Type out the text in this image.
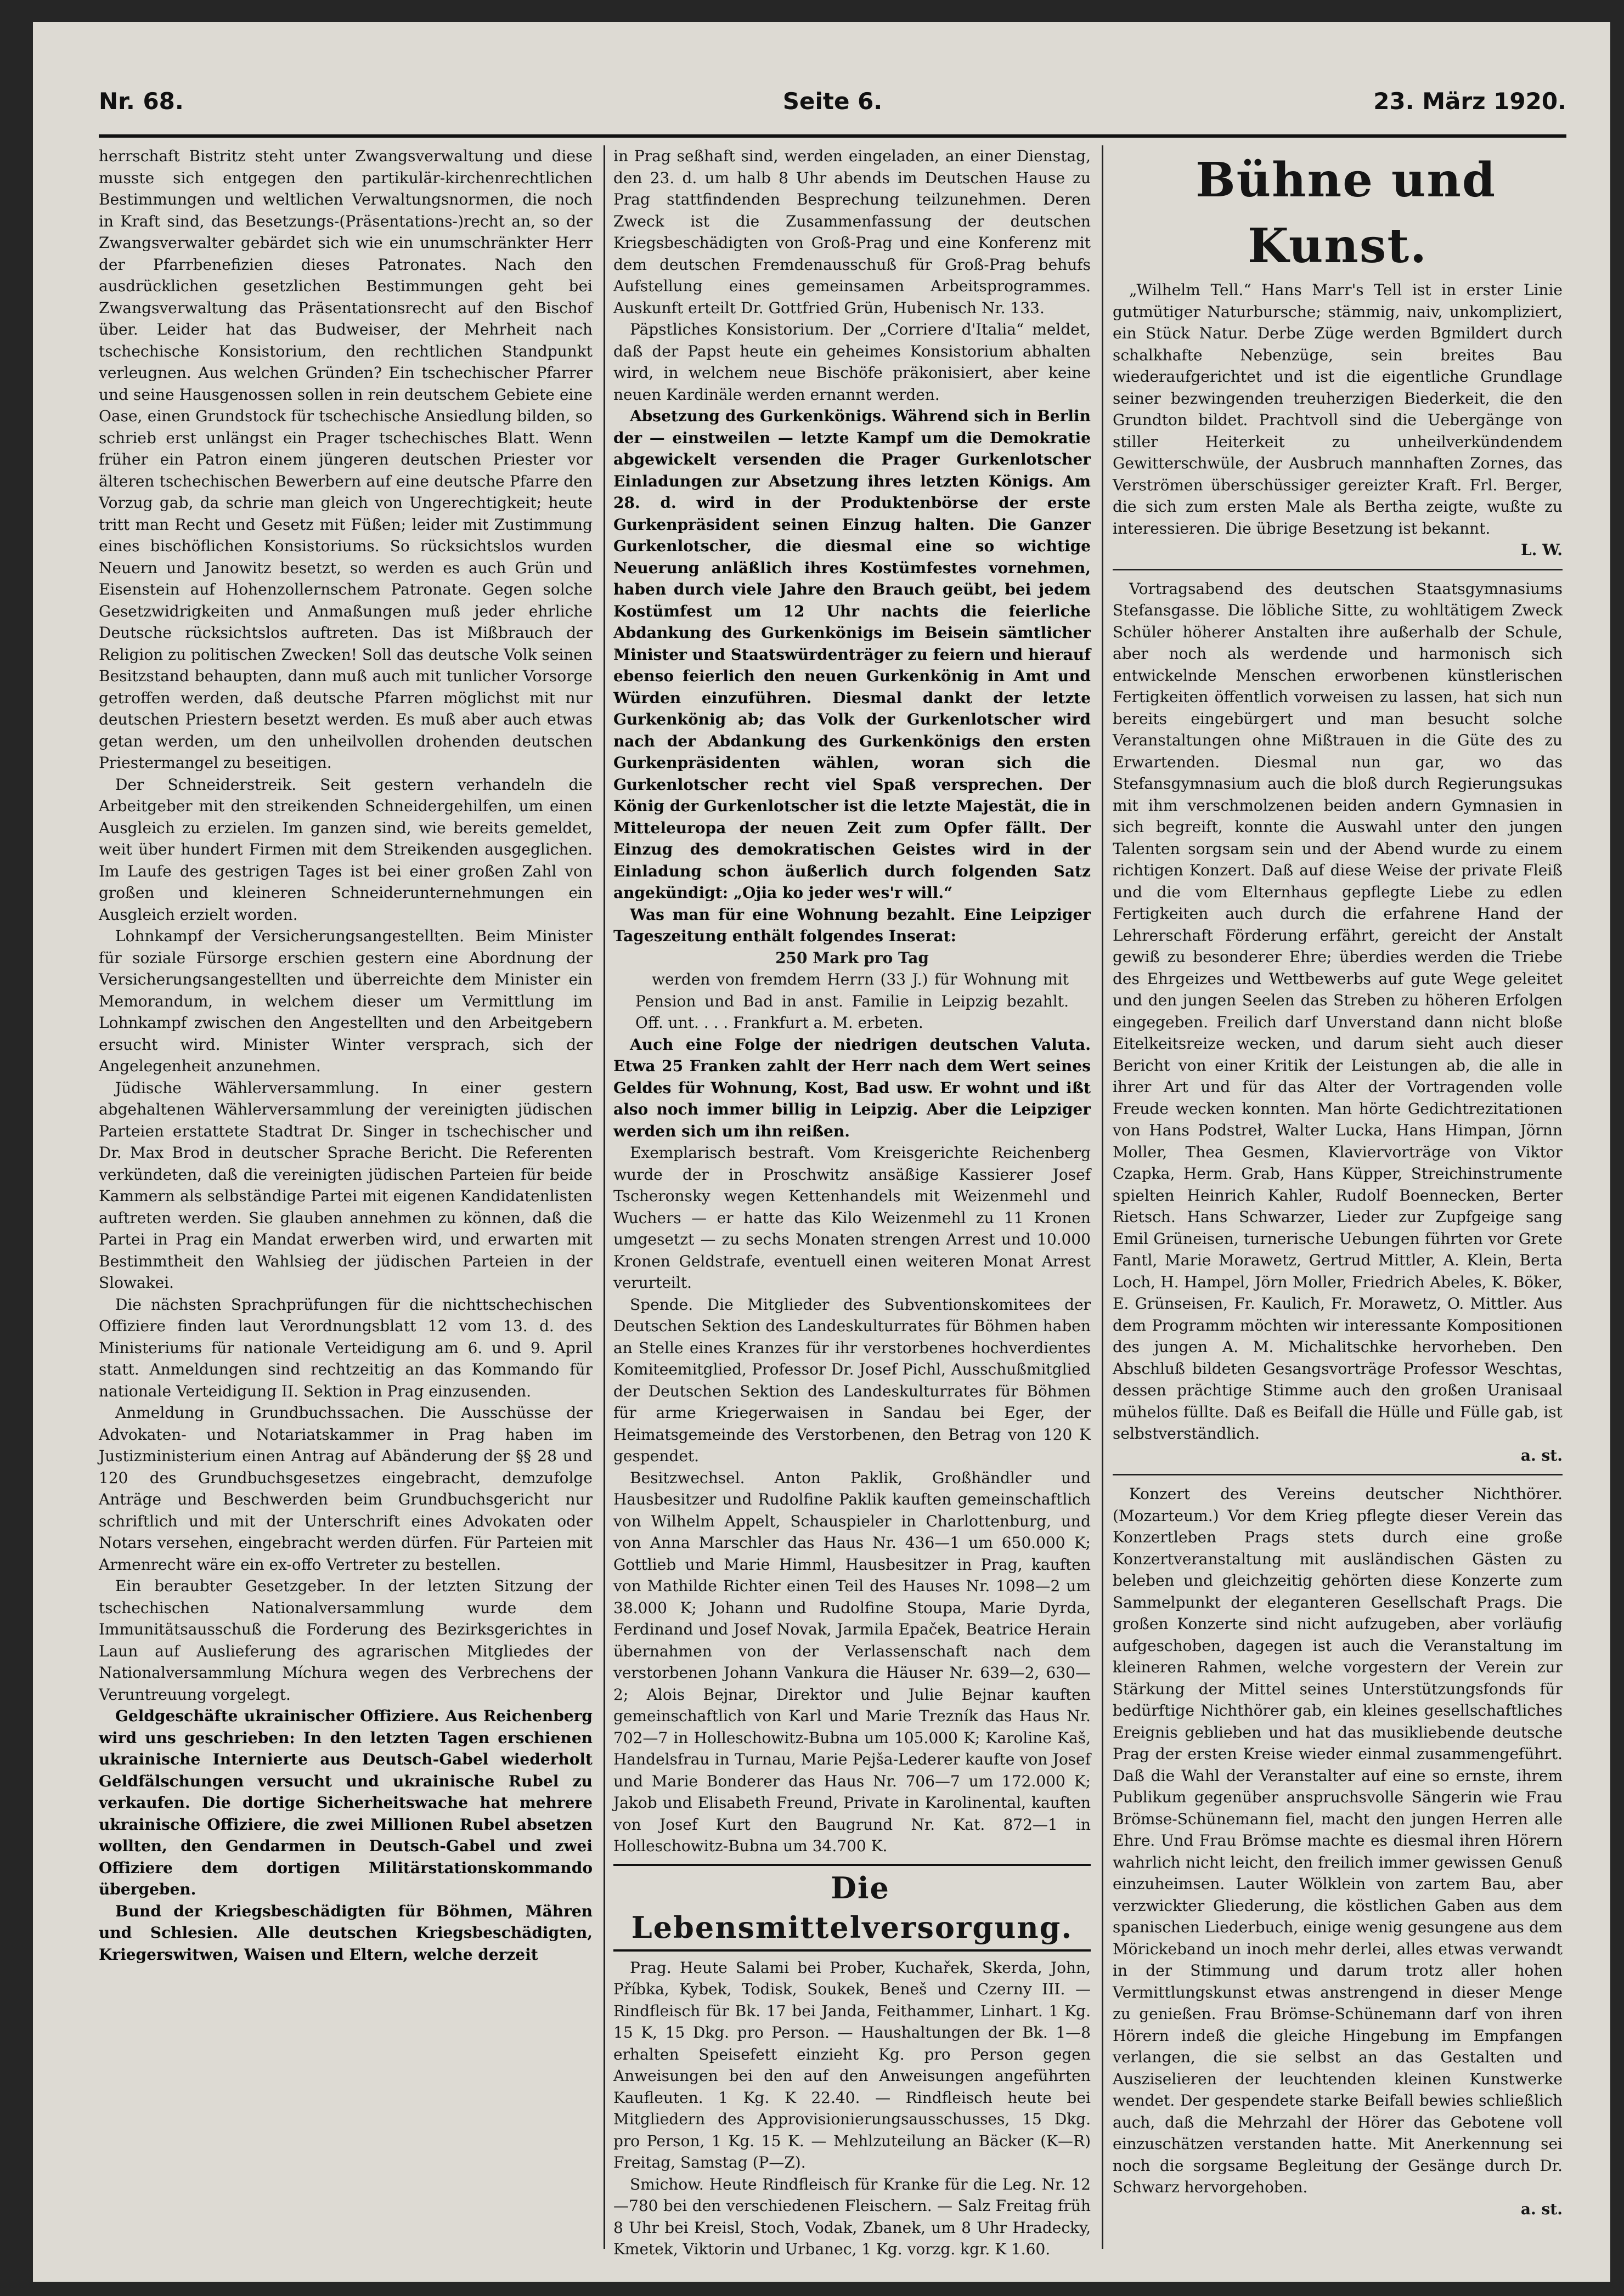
Nr. 68.	Seite 6.	23. März 1920.

herrschaft Bistritz steht unter Zwangsverwaltung und diese musste sich entgegen den partikulär-kirchenrechtlichen Bestimmungen und weltlichen Verwaltungsnormen, die noch in Kraft sind, das Besetzungs-(Präsentations-)recht an, so der Zwangsverwalter gebärdet sich wie ein unumschränkter Herr der Pfarrbenefizien dieses Patronates. Nach den ausdrücklichen gesetzlichen Bestimmungen geht bei Zwangsverwaltung das Präsentationsrecht auf den Bischof über. Leider hat das Budweiser, der Mehrheit nach tschechische Konsistorium, den rechtlichen Standpunkt verleugnen. Aus welchen Gründen? Ein tschechischer Pfarrer und seine Hausgenossen sollen in rein deutschem Gebiete eine Oase, einen Grundstock für tschechische Ansiedlung bilden, so schrieb erst unlängst ein Prager tschechisches Blatt. Wenn früher ein Patron einem jüngeren deutschen Priester vor älteren tschechischen Bewerbern auf eine deutsche Pfarre den Vorzug gab, da schrie man gleich von Ungerechtigkeit; heute tritt man Recht und Gesetz mit Füßen; leider mit Zustimmung eines bischöflichen Konsistoriums. So rücksichtslos wurden Neuern und Janowitz besetzt, so werden es auch Grün und Eisenstein auf Hohenzollernschem Patronate. Gegen solche Gesetzwidrigkeiten und Anmaßungen muß jeder ehrliche Deutsche rücksichtslos auftreten. Das ist Mißbrauch der Religion zu politischen Zwecken! Soll das deutsche Volk seinen Besitzstand behaupten, dann muß auch mit tunlicher Vorsorge getroffen werden, daß deutsche Pfarren möglichst mit nur deutschen Priestern besetzt werden. Es muß aber auch etwas getan werden, um den unheilvollen drohenden deutschen Priestermangel zu beseitigen.

Der Schneiderstreik. Seit gestern verhandeln die Arbeitgeber mit den streikenden Schneidergehilfen, um einen Ausgleich zu erzielen. Im ganzen sind, wie bereits gemeldet, weit über hundert Firmen mit dem Streikenden ausgeglichen. Im Laufe des gestrigen Tages ist bei einer großen Zahl von großen und kleineren Schneiderunternehmungen ein Ausgleich erzielt worden.

Lohnkampf der Versicherungsangestellten. Beim Minister für soziale Fürsorge erschien gestern eine Abordnung der Versicherungsangestellten und überreichte dem Minister ein Memorandum, in welchem dieser um Vermittlung im Lohnkampf zwischen den Angestellten und den Arbeitgebern ersucht wird. Minister Winter versprach, sich der Angelegenheit anzunehmen.

Jüdische Wählerversammlung. In einer gestern abgehaltenen Wählerversammlung der vereinigten jüdischen Parteien erstattete Stadtrat Dr. Singer in tschechischer und Dr. Max Brod in deutscher Sprache Bericht. Die Referenten verkündeten, daß die vereinigten jüdischen Parteien für beide Kammern als selbständige Partei mit eigenen Kandidatenlisten auftreten werden. Sie glauben annehmen zu können, daß die Partei in Prag ein Mandat erwerben wird, und erwarten mit Bestimmtheit den Wahlsieg der jüdischen Parteien in der Slowakei.

Die nächsten Sprachprüfungen für die nichttschechischen Offiziere finden laut Verordnungsblatt 12 vom 13. d. des Ministeriums für nationale Verteidigung am 6. und 9. April statt. Anmeldungen sind rechtzeitig an das Kommando für nationale Verteidigung II. Sektion in Prag einzusenden.

Anmeldung in Grundbuchssachen. Die Ausschüsse der Advokaten- und Notariatskammer in Prag haben im Justizministerium einen Antrag auf Abänderung der §§ 28 und 120 des Grundbuchsgesetzes eingebracht, demzufolge Anträge und Beschwerden beim Grundbuchsgericht nur schriftlich und mit der Unterschrift eines Advokaten oder Notars versehen, eingebracht werden dürfen. Für Parteien mit Armenrecht wäre ein ex-offo Vertreter zu bestellen.

Ein beraubter Gesetzgeber. In der letzten Sitzung der tschechischen Nationalversammlung wurde dem Immunitätsausschuß die Forderung des Bezirksgerichtes in Laun auf Auslieferung des agrarischen Mitgliedes der Nationalversammlung Míchura wegen des Verbrechens der Veruntreuung vorgelegt.

Geldgeschäfte ukrainischer Offiziere. Aus Reichenberg wird uns geschrieben: In den letzten Tagen erschienen ukrainische Internierte aus Deutsch-Gabel wiederholt Geldfälschungen versucht und ukrainische Rubel zu verkaufen. Die dortige Sicherheitswache hat mehrere ukrainische Offiziere, die zwei Millionen Rubel absetzen wollten, den Gendarmen in Deutsch-Gabel und zwei Offiziere dem dortigen Militärstationskommando übergeben.

Bund der Kriegsbeschädigten für Böhmen, Mähren und Schlesien. Alle deutschen Kriegsbeschädigten, Kriegerswitwen, Waisen und Eltern, welche derzeit

in Prag seßhaft sind, werden eingeladen, an einer Dienstag, den 23. d. um halb 8 Uhr abends im Deutschen Hause zu Prag stattfindenden Besprechung teilzunehmen. Deren Zweck ist die Zusammenfassung der deutschen Kriegsbeschädigten von Groß-Prag und eine Konferenz mit dem deutschen Fremdenausschuß für Groß-Prag behufs Aufstellung eines gemeinsamen Arbeitsprogrammes. Auskunft erteilt Dr. Gottfried Grün, Hubenisch Nr. 133.

Päpstliches Konsistorium. Der „Corriere d'Italia“ meldet, daß der Papst heute ein geheimes Konsistorium abhalten wird, in welchem neue Bischöfe präkonisiert, aber keine neuen Kardinäle werden ernannt werden.

Absetzung des Gurkenkönigs. Während sich in Berlin der — einstweilen — letzte Kampf um die Demokratie abgewickelt versenden die Prager Gurkenlotscher Einladungen zur Absetzung ihres letzten Königs. Am 28. d. wird in der Produktenbörse der erste Gurkenpräsident seinen Einzug halten. Die Ganzer Gurkenlotscher, die diesmal eine so wichtige Neuerung anläßlich ihres Kostümfestes vornehmen, haben durch viele Jahre den Brauch geübt, bei jedem Kostümfest um 12 Uhr nachts die feierliche Abdankung des Gurkenkönigs im Beisein sämtlicher Minister und Staatswürdenträger zu feiern und hierauf ebenso feierlich den neuen Gurkenkönig in Amt und Würden einzuführen. Diesmal dankt der letzte Gurkenkönig ab; das Volk der Gurkenlotscher wird nach der Abdankung des Gurkenkönigs den ersten Gurkenpräsidenten wählen, woran sich die Gurkenlotscher recht viel Spaß versprechen. Der König der Gurkenlotscher ist die letzte Majestät, die in Mitteleuropa der neuen Zeit zum Opfer fällt. Der Einzug des demokratischen Geistes wird in der Einladung schon äußerlich durch folgenden Satz angekündigt: „Ojia ko jeder wes'r will.“

Was man für eine Wohnung bezahlt. Eine Leipziger Tageszeitung enthält folgendes Inserat:

250 Mark pro Tag

werden von fremdem Herrn (33 J.) für Wohnung mit Pension und Bad in anst. Familie in Leipzig bezahlt. Off. unt. . . . Frankfurt a. M. erbeten.

Auch eine Folge der niedrigen deutschen Valuta. Etwa 25 Franken zahlt der Herr nach dem Wert seines Geldes für Wohnung, Kost, Bad usw. Er wohnt und ißt also noch immer billig in Leipzig. Aber die Leipziger werden sich um ihn reißen.

Exemplarisch bestraft. Vom Kreisgerichte Reichenberg wurde der in Proschwitz ansäßige Kassierer Josef Tscheronsky wegen Kettenhandels mit Weizenmehl und Wuchers — er hatte das Kilo Weizenmehl zu 11 Kronen umgesetzt — zu sechs Monaten strengen Arrest und 10.000 Kronen Geldstrafe, eventuell einen weiteren Monat Arrest verurteilt.

Spende. Die Mitglieder des Subventionskomitees der Deutschen Sektion des Landeskulturrates für Böhmen haben an Stelle eines Kranzes für ihr verstorbenes hochverdientes Komiteemitglied, Professor Dr. Josef Pichl, Ausschußmitglied der Deutschen Sektion des Landeskulturrates für Böhmen für arme Kriegerwaisen in Sandau bei Eger, der Heimatsgemeinde des Verstorbenen, den Betrag von 120 K gespendet.

Besitzwechsel. Anton Paklik, Großhändler und Hausbesitzer und Rudolfine Paklik kauften gemeinschaftlich von Wilhelm Appelt, Schauspieler in Charlottenburg, und von Anna Marschler das Haus Nr. 436—1 um 650.000 K; Gottlieb und Marie Himml, Hausbesitzer in Prag, kauften von Mathilde Richter einen Teil des Hauses Nr. 1098—2 um 38.000 K; Johann und Rudolfine Stoupa, Marie Dyrda, Ferdinand und Josef Novak, Jarmila Epaček, Beatrice Herain übernahmen von der Verlassenschaft nach dem verstorbenen Johann Vankura die Häuser Nr. 639—2, 630—2; Alois Bejnar, Direktor und Julie Bejnar kauften gemeinschaftlich von Karl und Marie Trezník das Haus Nr. 702—7 in Holleschowitz-Bubna um 105.000 K; Karoline Kaš, Handelsfrau in Turnau, Marie Pejša-Lederer kaufte von Josef und Marie Bonderer das Haus Nr. 706—7 um 172.000 K; Jakob und Elisabeth Freund, Private in Karolinental, kauften von Josef Kurt den Baugrund Nr. Kat. 872—1 in Holleschowitz-Bubna um 34.700 K.

Die Lebensmittelversorgung.

Prag. Heute Salami bei Prober, Kuchařek, Skerda, John, Příbka, Kybek, Todisk, Soukek, Beneš und Czerny III. — Rindfleisch für Bk. 17 bei Janda, Feithammer, Linhart. 1 Kg. 15 K, 15 Dkg. pro Person. — Haushaltungen der Bk. 1—8 erhalten Speisefett einzieht Kg. pro Person gegen Anweisungen bei den auf den Anweisungen angeführten Kaufleuten. 1 Kg. K 22.40. — Rindfleisch heute bei Mitgliedern des Approvisionierungsausschusses, 15 Dkg. pro Person, 1 Kg. 15 K. — Mehlzuteilung an Bäcker (K—R) Freitag, Samstag (P—Z).

Smichow. Heute Rindfleisch für Kranke für die Leg. Nr. 12—780 bei den verschiedenen Fleischern. — Salz Freitag früh 8 Uhr bei Kreisl, Stoch, Vodak, Zbanek, um 8 Uhr Hradecky, Kmetek, Viktorin und Urbanec, 1 Kg. vorzg. kgr. K 1.60.

Bühne und Kunst.

„Wilhelm Tell.“ Hans Marr's Tell ist in erster Linie gutmütiger Naturbursche; stämmig, naiv, unkompliziert, ein Stück Natur. Derbe Züge werden Bgmildert durch schalkhafte Nebenzüge, sein breites Bau wiederaufgerichtet und ist die eigentliche Grundlage seiner bezwingenden treuherzigen Biederkeit, die den Grundton bildet. Prachtvoll sind die Uebergänge von stiller Heiterkeit zu unheilverkündendem Gewitterschwüle, der Ausbruch mannhaften Zornes, das Verströmen überschüssiger gereizter Kraft. Frl. Berger, die sich zum ersten Male als Bertha zeigte, wußte zu interessieren. Die übrige Besetzung ist bekannt.

L. W.

Vortragsabend des deutschen Staatsgymnasiums Stefansgasse. Die löbliche Sitte, zu wohltätigem Zweck Schüler höherer Anstalten ihre außerhalb der Schule, aber noch als werdende und harmonisch sich entwickelnde Menschen erworbenen künstlerischen Fertigkeiten öffentlich vorweisen zu lassen, hat sich nun bereits eingebürgert und man besucht solche Veranstaltungen ohne Mißtrauen in die Güte des zu Erwartenden. Diesmal nun gar, wo das Stefansgymnasium auch die bloß durch Regierungsukas mit ihm verschmolzenen beiden andern Gymnasien in sich begreift, konnte die Auswahl unter den jungen Talenten sorgsam sein und der Abend wurde zu einem richtigen Konzert. Daß auf diese Weise der private Fleiß und die vom Elternhaus gepflegte Liebe zu edlen Fertigkeiten auch durch die erfahrene Hand der Lehrerschaft Förderung erfährt, gereicht der Anstalt gewiß zu besonderer Ehre; überdies werden die Triebe des Ehrgeizes und Wettbewerbs auf gute Wege geleitet und den jungen Seelen das Streben zu höheren Erfolgen eingegeben. Freilich darf Unverstand dann nicht bloße Eitelkeitsreize wecken, und darum sieht auch dieser Bericht von einer Kritik der Leistungen ab, die alle in ihrer Art und für das Alter der Vortragenden volle Freude wecken konnten. Man hörte Gedichtrezitationen von Hans Podstreł, Walter Lucka, Hans Himpan, Jörnn Moller, Thea Gesmen, Klaviervorträge von Viktor Czapka, Herm. Grab, Hans Küpper, Streichinstrumente spielten Heinrich Kahler, Rudolf Boennecken, Berter Rietsch. Hans Schwarzer, Lieder zur Zupfgeige sang Emil Grüneisen, turnerische Uebungen führten vor Grete Fantl, Marie Morawetz, Gertrud Mittler, A. Klein, Berta Loch, H. Hampel, Jörn Moller, Friedrich Abeles, K. Böker, E. Grünseisen, Fr. Kaulich, Fr. Morawetz, O. Mittler. Aus dem Programm möchten wir interessante Kompositionen des jungen A. M. Michalitschke hervorheben. Den Abschluß bildeten Gesangsvorträge Professor Weschtas, dessen prächtige Stimme auch den großen Uranisaal mühelos füllte. Daß es Beifall die Hülle und Fülle gab, ist selbstverständlich.

a. st.

Konzert des Vereins deutscher Nichthörer. (Mozarteum.) Vor dem Krieg pflegte dieser Verein das Konzertleben Prags stets durch eine große Konzertveranstaltung mit ausländischen Gästen zu beleben und gleichzeitig gehörten diese Konzerte zum Sammelpunkt der eleganteren Gesellschaft Prags. Die großen Konzerte sind nicht aufzugeben, aber vorläufig aufgeschoben, dagegen ist auch die Veranstaltung im kleineren Rahmen, welche vorgestern der Verein zur Stärkung der Mittel seines Unterstützungsfonds für bedürftige Nichthörer gab, ein kleines gesellschaftliches Ereignis geblieben und hat das musikliebende deutsche Prag der ersten Kreise wieder einmal zusammengeführt. Daß die Wahl der Veranstalter auf eine so ernste, ihrem Publikum gegenüber anspruchsvolle Sängerin wie Frau Brömse-Schünemann fiel, macht den jungen Herren alle Ehre. Und Frau Brömse machte es diesmal ihren Hörern wahrlich nicht leicht, den freilich immer gewissen Genuß einzuheimsen. Lauter Wölklein von zartem Bau, aber verzwickter Gliederung, die köstlichen Gaben aus dem spanischen Liederbuch, einige wenig gesungene aus dem Mörickeband un inoch mehr derlei, alles etwas verwandt in der Stimmung und darum trotz aller hohen Vermittlungskunst etwas anstrengend in dieser Menge zu genießen. Frau Brömse-Schünemann darf von ihren Hörern indeß die gleiche Hingebung im Empfangen verlangen, die sie selbst an das Gestalten und Ausziselieren der leuchtenden kleinen Kunstwerke wendet. Der gespendete starke Beifall bewies schließlich auch, daß die Mehrzahl der Hörer das Gebotene voll einzuschätzen verstanden hatte. Mit Anerkennung sei noch die sorgsame Begleitung der Gesänge durch Dr. Schwarz hervorgehoben.

a. st.
